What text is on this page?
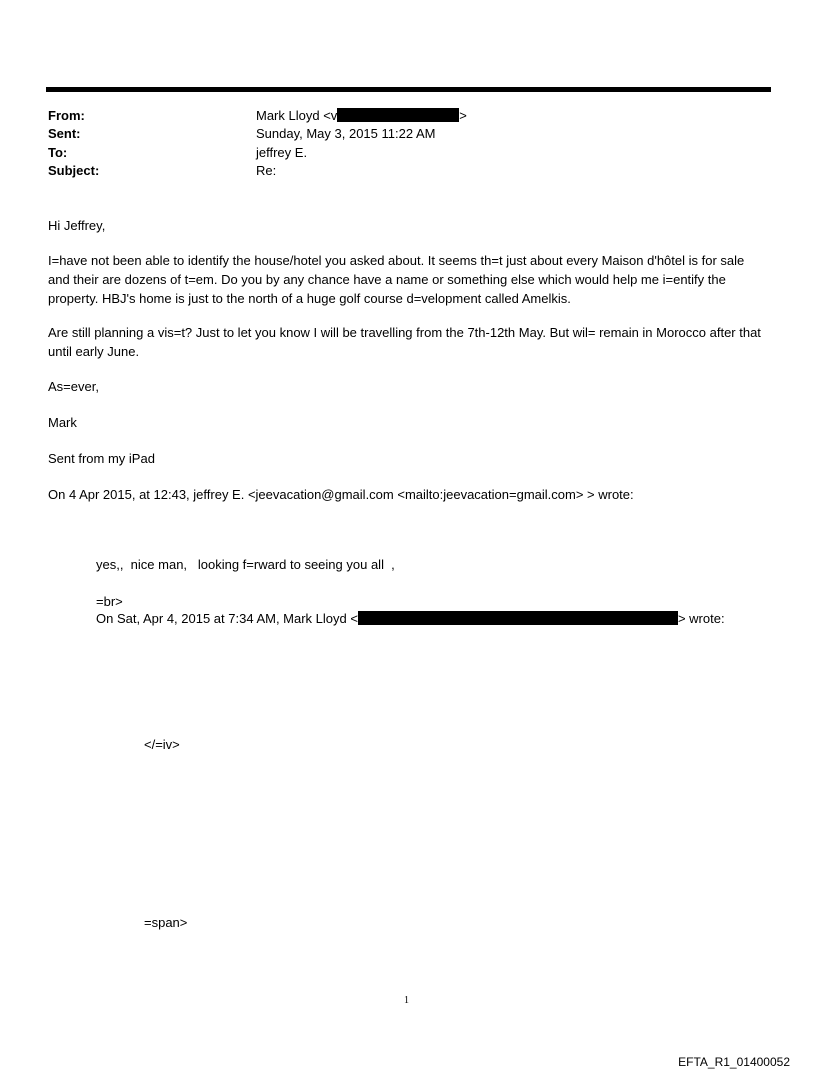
From:
Sent:
To:
Subject:
Mark Lloyd <v	>
Sunday, May 3, 2015 11:22 AM
jeffrey E.
Re:
Hi Jeffrey,
I=have not been able to identify the house/hotel you asked about. It seems th=t just about every Maison d'hôtel is for sale and their are dozens of t=em. Do you by any chance have a name or something else which would help me i=entify the property. HBJ's home is just to the north of a huge golf course d=velopment called Amelkis.
Are still planning a vis=t? Just to let you know I will be travelling from the 7th-12th May. But wil= remain in Morocco after that until early June.
As=ever,
Mark
Sent from my iPad
On 4 Apr 2015, at 12:43, jeffrey E. <jeevacation@gmail.com <mailto:jeevacation=gmail.com> > wrote:
yes,,  nice man,   looking f=rward to seeing you all  ,
=br>
On Sat, Apr 4, 2015 at 7:34 AM, Mark Lloyd <	> wrote:
</=iv>
=span>
1
EFTA_R1_01400052
